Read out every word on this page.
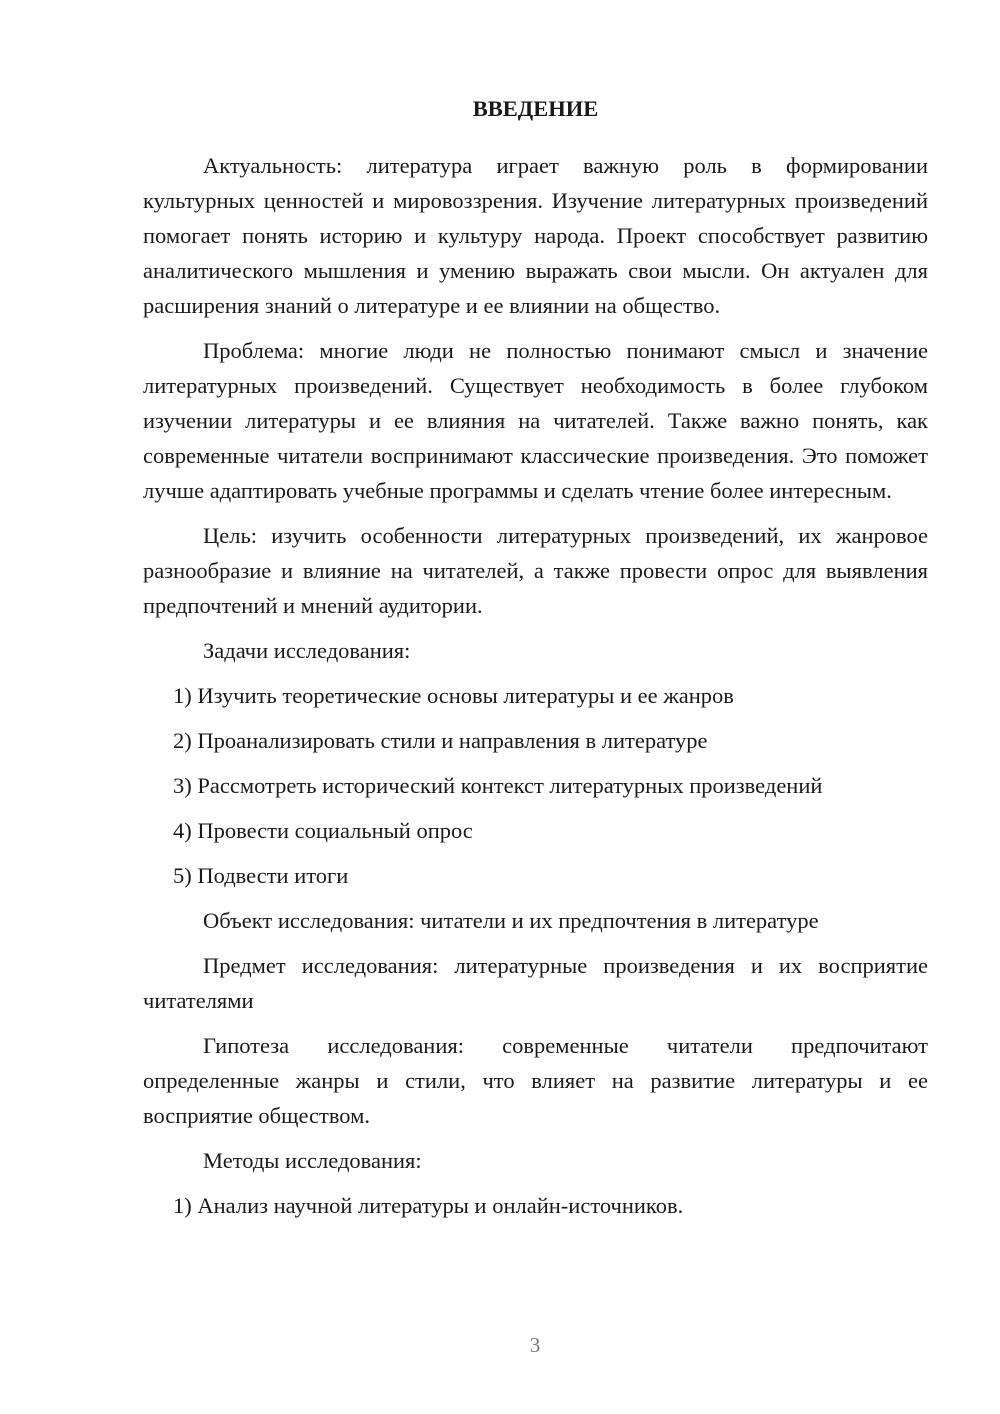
ВВЕДЕНИЕ

Актуальность: литература играет важную роль в формировании культурных ценностей и мировоззрения. Изучение литературных произведений помогает понять историю и культуру народа. Проект способствует развитию аналитического мышления и умению выражать свои мысли. Он актуален для расширения знаний о литературе и ее влиянии на общество.

Проблема: многие люди не полностью понимают смысл и значение литературных произведений. Существует необходимость в более глубоком изучении литературы и ее влияния на читателей. Также важно понять, как современные читатели воспринимают классические произведения. Это поможет лучше адаптировать учебные программы и сделать чтение более интересным.

Цель: изучить особенности литературных произведений, их жанровое разнообразие и влияние на читателей, а также провести опрос для выявления предпочтений и мнений аудитории.

Задачи исследования:
1) Изучить теоретические основы литературы и ее жанров
2) Проанализировать стили и направления в литературе
3) Рассмотреть исторический контекст литературных произведений
4) Провести социальный опрос
5) Подвести итоги
Объект исследования: читатели и их предпочтения в литературе

Предмет исследования: литературные произведения и их восприятие читателями

Гипотеза исследования: современные читатели предпочитают определенные жанры и стили, что влияет на развитие литературы и ее восприятие обществом.

Методы исследования:
1) Анализ научной литературы и онлайн-источников.
3
